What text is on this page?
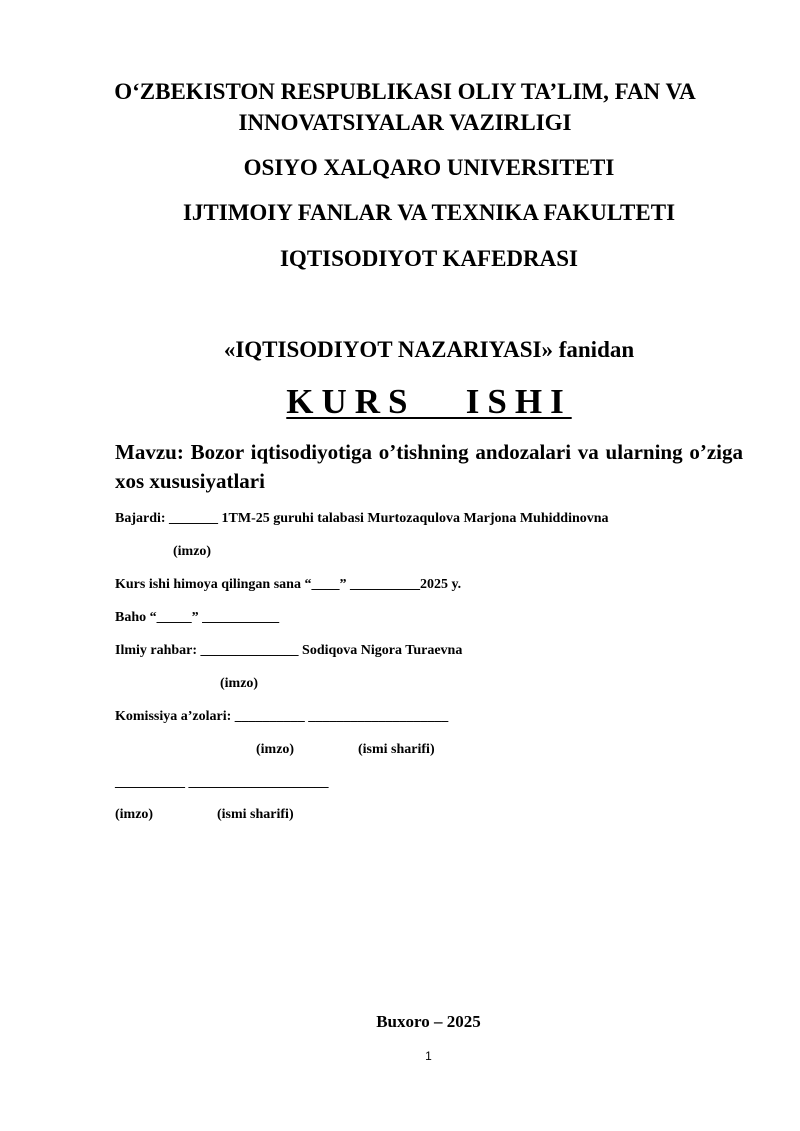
O‘ZBEKISTON RESPUBLIKASI OLIY TA’LIM, FAN VA
INNOVATSIYALAR VAZIRLIGI
OSIYO XALQARO UNIVERSITETI
IJTIMOIY FANLAR VA TEXNIKA FAKULTETI
IQTISODIYOT KAFEDRASI
«IQTISODIYOT NAZARIYASI» fanidan
KURS   ISHI
Mavzu: Bozor iqtisodiyotiga o’tishning andozalari va ularning o’ziga xos xususiyatlari
Bajardi: _______ 1TM-25 guruhi talabasi Murtozaqulova Marjona Muhiddinovna
(imzo)
Kurs ishi himoya qilingan sana “____” __________2025 y.
Baho “_____” ___________
Ilmiy rahbar: ______________ Sodiqova Nigora Turaevna
(imzo)
Komissiya a’zolari: __________ ____________________
(imzo)	(ismi sharifi)
__________ ____________________
(imzo)	(ismi sharifi)
Buxoro – 2025
1
